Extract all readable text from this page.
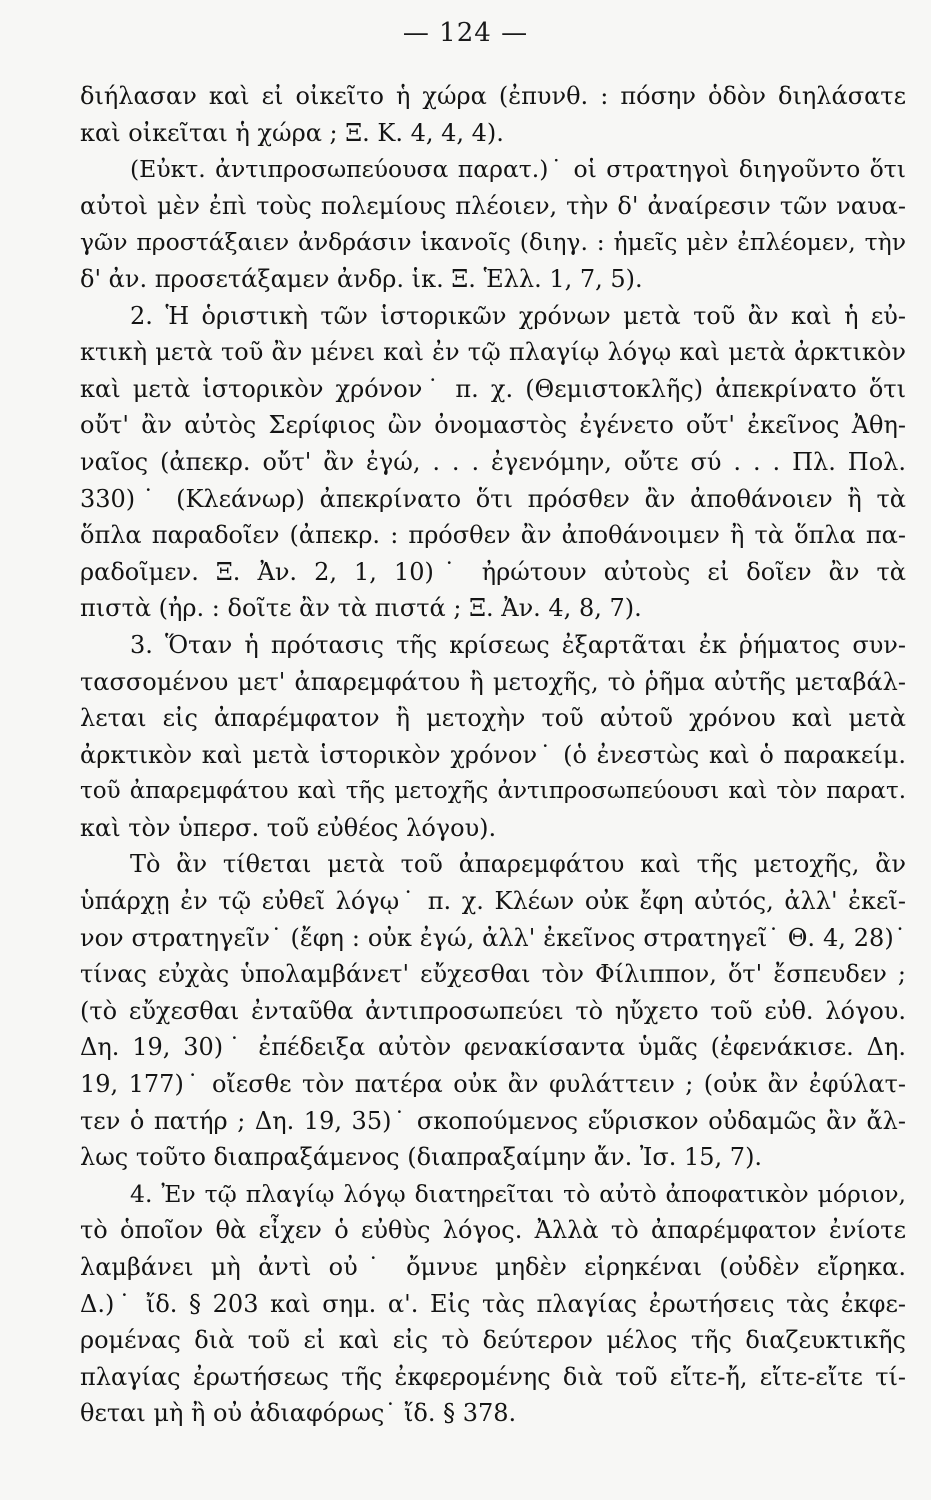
— 124 —
διήλασαν καὶ εἰ οἰκεῖτο ἡ χώρα (ἐπυνθ. : πόσην ὁδὸν διηλάσατε
καὶ οἰκεῖται ἡ χώρα ; Ξ. Κ. 4, 4, 4).
(Εὐκτ. ἀντιπροσωπεύουσα παρατ.)˙ οἱ στρατηγοὶ διηγοῦντο ὅτι
αὐτοὶ μὲν ἐπὶ τοὺς πολεμίους πλέοιεν, τὴν δ' ἀναίρεσιν τῶν ναυα-
γῶν προστάξαιεν ἀνδράσιν ἱκανοῖς (διηγ. : ἡμεῖς μὲν ἐπλέομεν, τὴν
δ' ἀν. προσετάξαμεν ἀνδρ. ἱκ. Ξ. Ἑλλ. 1, 7, 5).
2. Ἡ ὁριστικὴ τῶν ἱστορικῶν χρόνων μετὰ τοῦ ἂν καὶ ἡ εὐ-
κτικὴ μετὰ τοῦ ἂν μένει καὶ ἐν τῷ πλαγίῳ λόγῳ καὶ μετὰ ἀρκτικὸν
καὶ μετὰ ἱστορικὸν χρόνον˙ π. χ. (Θεμιστοκλῆς) ἀπεκρίνατο ὅτι
οὔτ' ἂν αὐτὸς Σερίφιος ὢν ὀνομαστὸς ἐγένετο οὔτ' ἐκεῖνος Ἀθη-
ναῖος (ἀπεκρ. οὔτ' ἂν ἐγώ, . . . ἐγενόμην, οὔτε σύ . . . Πλ. Πολ.
330)˙ (Κλεάνωρ) ἀπεκρίνατο ὅτι πρόσθεν ἂν ἀποθάνοιεν ἢ τὰ
ὅπλα παραδοῖεν (ἀπεκρ. : πρόσθεν ἂν ἀποθάνοιμεν ἢ τὰ ὅπλα πα-
ραδοῖμεν. Ξ. Ἀν. 2, 1, 10)˙ ἠρώτουν αὐτοὺς εἰ δοῖεν ἂν τὰ
πιστὰ (ἠρ. : δοῖτε ἂν τὰ πιστά ; Ξ. Ἀν. 4, 8, 7).
3. Ὅταν ἡ πρότασις τῆς κρίσεως ἐξαρτᾶται ἐκ ῥήματος συν-
τασσομένου μετ' ἀπαρεμφάτου ἢ μετοχῆς, τὸ ῥῆμα αὐτῆς μεταβάλ-
λεται εἰς ἀπαρέμφατον ἢ μετοχὴν τοῦ αὐτοῦ χρόνου καὶ μετὰ
ἀρκτικὸν καὶ μετὰ ἱστορικὸν χρόνον˙ (ὁ ἐνεστὼς καὶ ὁ παρακείμ.
τοῦ ἀπαρεμφάτου καὶ τῆς μετοχῆς ἀντιπροσωπεύουσι καὶ τὸν παρατ.
καὶ τὸν ὑπερσ. τοῦ εὐθέος λόγου).
Τὸ ἂν τίθεται μετὰ τοῦ ἀπαρεμφάτου καὶ τῆς μετοχῆς, ἂν
ὑπάρχῃ ἐν τῷ εὐθεῖ λόγῳ˙ π. χ. Κλέων οὐκ ἔφη αὐτός, ἀλλ' ἐκεῖ-
νον στρατηγεῖν˙ (ἔφη : οὐκ ἐγώ, ἀλλ' ἐκεῖνος στρατηγεῖ˙ Θ. 4, 28)˙
τίνας εὐχὰς ὑπολαμβάνετ' εὔχεσθαι τὸν Φίλιππον, ὅτ' ἔσπευδεν ;
(τὸ εὔχεσθαι ἐνταῦθα ἀντιπροσωπεύει τὸ ηὔχετο τοῦ εὐθ. λόγου.
Δη. 19, 30)˙ ἐπέδειξα αὐτὸν φενακίσαντα ὑμᾶς (ἐφενάκισε. Δη.
19, 177)˙ οἴεσθε τὸν πατέρα οὐκ ἂν φυλάττειν ; (οὐκ ἂν ἐφύλατ-
τεν ὁ πατήρ ; Δη. 19, 35)˙ σκοπούμενος εὕρισκον οὐδαμῶς ἂν ἄλ-
λως τοῦτο διαπραξάμενος (διαπραξαίμην ἄν. Ἰσ. 15, 7).
4. Ἐν τῷ πλαγίῳ λόγῳ διατηρεῖται τὸ αὐτὸ ἀποφατικὸν μόριον,
τὸ ὁποῖον θὰ εἶχεν ὁ εὐθὺς λόγος. Ἀλλὰ τὸ ἀπαρέμφατον ἐνίοτε
λαμβάνει μὴ ἀντὶ οὐ˙ ὄμνυε μηδὲν εἰρηκέναι (οὐδὲν εἴρηκα.
Δ.)˙ ἴδ. § 203 καὶ σημ. α'. Εἰς τὰς πλαγίας ἐρωτήσεις τὰς ἐκφε-
ρομένας διὰ τοῦ εἰ καὶ εἰς τὸ δεύτερον μέλος τῆς διαζευκτικῆς
πλαγίας ἐρωτήσεως τῆς ἐκφερομένης διὰ τοῦ εἴτε-ἤ, εἴτε-εἴτε τί-
θεται μὴ ἢ οὐ ἀδιαφόρως˙ ἴδ. § 378.
